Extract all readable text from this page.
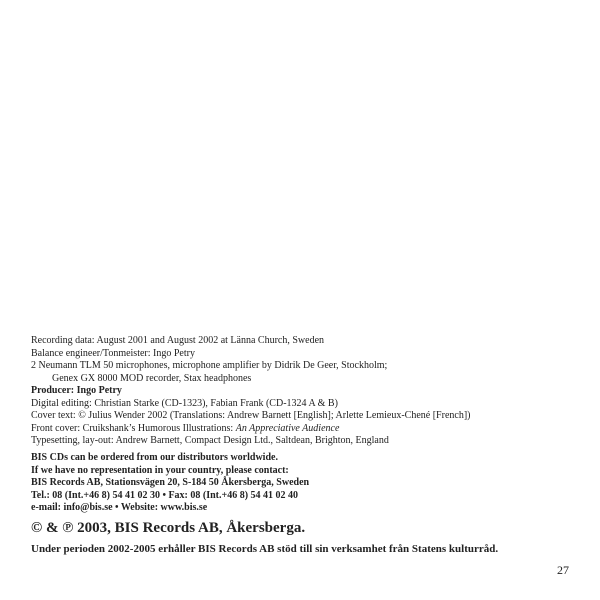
Recording data: August 2001 and August 2002 at Länna Church, Sweden
Balance engineer/Tonmeister: Ingo Petry
2 Neumann TLM 50 microphones, microphone amplifier by Didrik De Geer, Stockholm;
Genex GX 8000 MOD recorder, Stax headphones
Producer: Ingo Petry
Digital editing: Christian Starke (CD-1323), Fabian Frank (CD-1324 A & B)
Cover text: © Julius Wender 2002 (Translations: Andrew Barnett [English]; Arlette Lemieux-Chené [French])
Front cover: Cruikshank’s Humorous Illustrations: An Appreciative Audience
Typesetting, lay-out: Andrew Barnett, Compact Design Ltd., Saltdean, Brighton, England
BIS CDs can be ordered from our distributors worldwide.
If we have no representation in your country, please contact:
BIS Records AB, Stationsvägen 20, S-184 50 Åkersberga, Sweden
Tel.: 08 (Int.+46 8) 54 41 02 30 • Fax: 08 (Int.+46 8) 54 41 02 40
e-mail: info@bis.se • Website: www.bis.se
© & ℗ 2003, BIS Records AB, Åkersberga.
Under perioden 2002-2005 erhåller BIS Records AB stöd till sin verksamhet från Statens kulturråd.
27
